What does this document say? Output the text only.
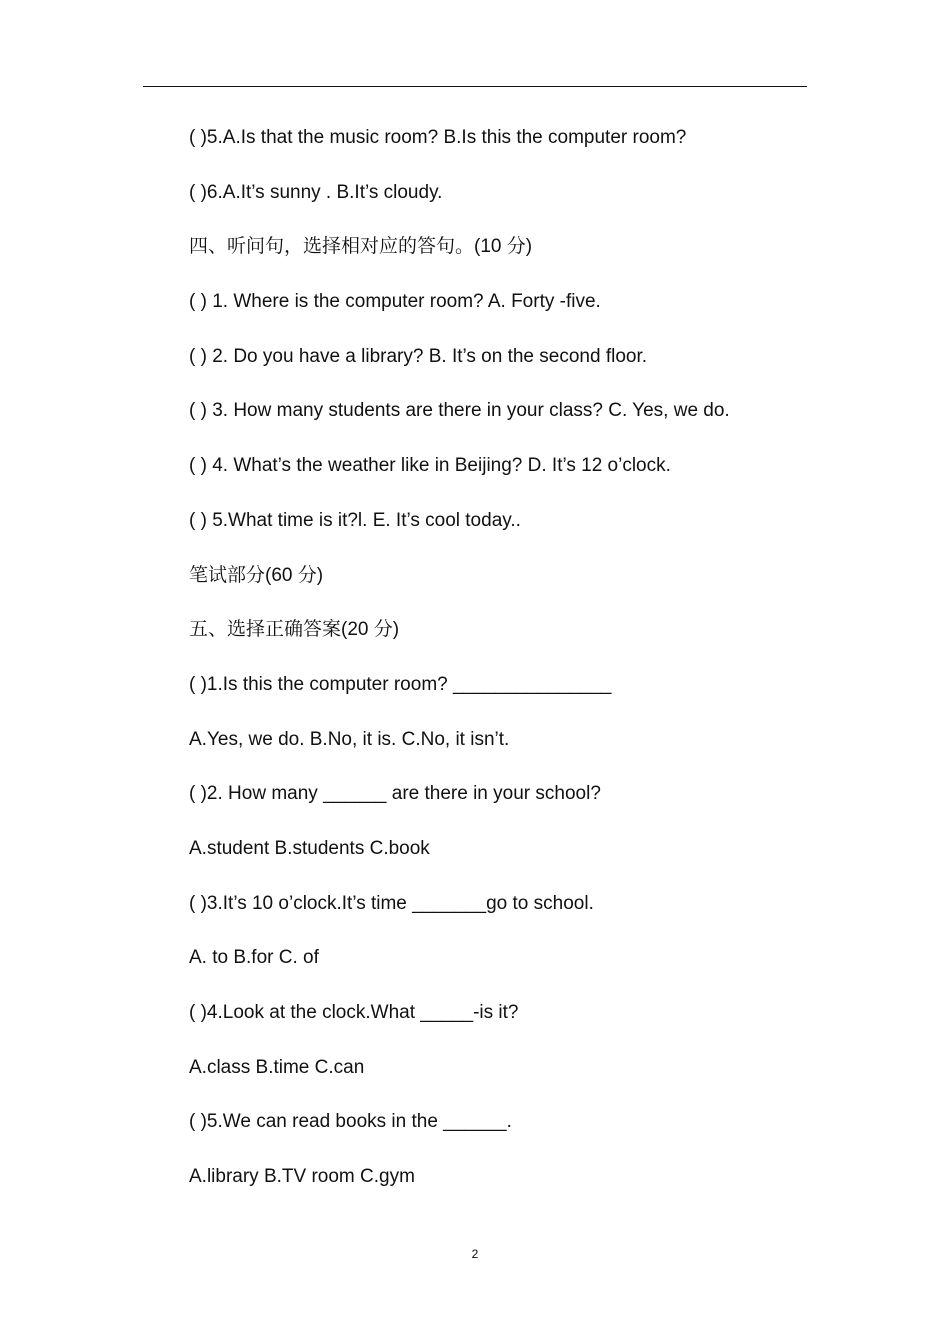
( )5.A.Is that the music room? B.Is this the computer room?
( )6.A.It’s sunny . B.It’s cloudy.
四、听问句，选择相对应的答句。(10 分)
( ) 1. Where is the computer room? A. Forty -five.
( ) 2. Do you have a library? B. It’s on the second floor.
( ) 3. How many students are there in your class? C. Yes, we do.
( ) 4. What’s the weather like in Beijing? D. It’s 12 o’clock.
( ) 5.What time is it?l. E. It’s cool today..
笔试部分(60 分)
五、选择正确答案(20 分)
( )1.Is this the computer room? _______________
A.Yes, we do. B.No, it is. C.No, it isn’t.
( )2. How many ______ are there in your school?
A.student B.students C.book
( )3.It’s 10 o’clock.It’s time _______go to school.
A. to B.for C. of
( )4.Look at the clock.What _____-is it?
A.class B.time C.can
( )5.We can read books in the ______.
A.library B.TV room C.gym
2
